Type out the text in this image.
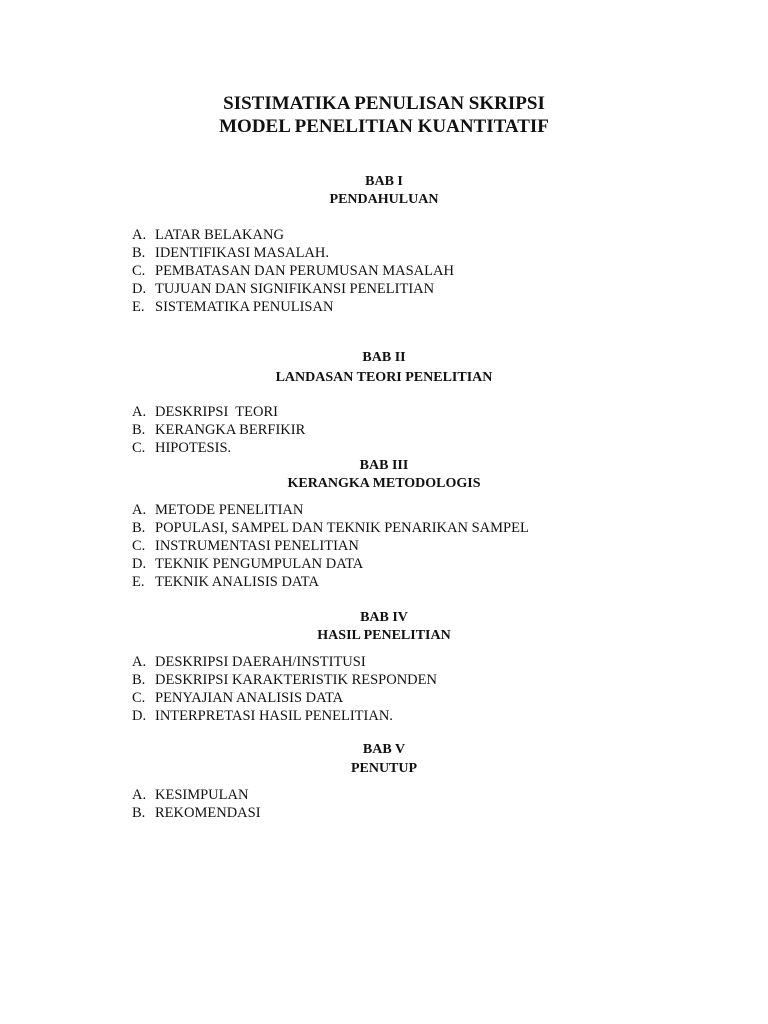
SISTIMATIKA PENULISAN SKRIPSI
MODEL PENELITIAN KUANTITATIF
BAB I
PENDAHULUAN
A. LATAR BELAKANG
B. IDENTIFIKASI MASALAH.
C. PEMBATASAN DAN PERUMUSAN MASALAH
D. TUJUAN DAN SIGNIFIKANSI PENELITIAN
E. SISTEMATIKA PENULISAN
BAB II
LANDASAN TEORI PENELITIAN
A. DESKRIPSI  TEORI
B. KERANGKA BERFIKIR
C. HIPOTESIS.
BAB III
KERANGKA METODOLOGIS
A. METODE PENELITIAN
B. POPULASI, SAMPEL DAN TEKNIK PENARIKAN SAMPEL
C. INSTRUMENTASI PENELITIAN
D. TEKNIK PENGUMPULAN DATA
E. TEKNIK ANALISIS DATA
BAB IV
HASIL PENELITIAN
A. DESKRIPSI DAERAH/INSTITUSI
B. DESKRIPSI KARAKTERISTIK RESPONDEN
C. PENYAJIAN ANALISIS DATA
D. INTERPRETASI HASIL PENELITIAN.
BAB V
PENUTUP
A. KESIMPULAN
B. REKOMENDASI
